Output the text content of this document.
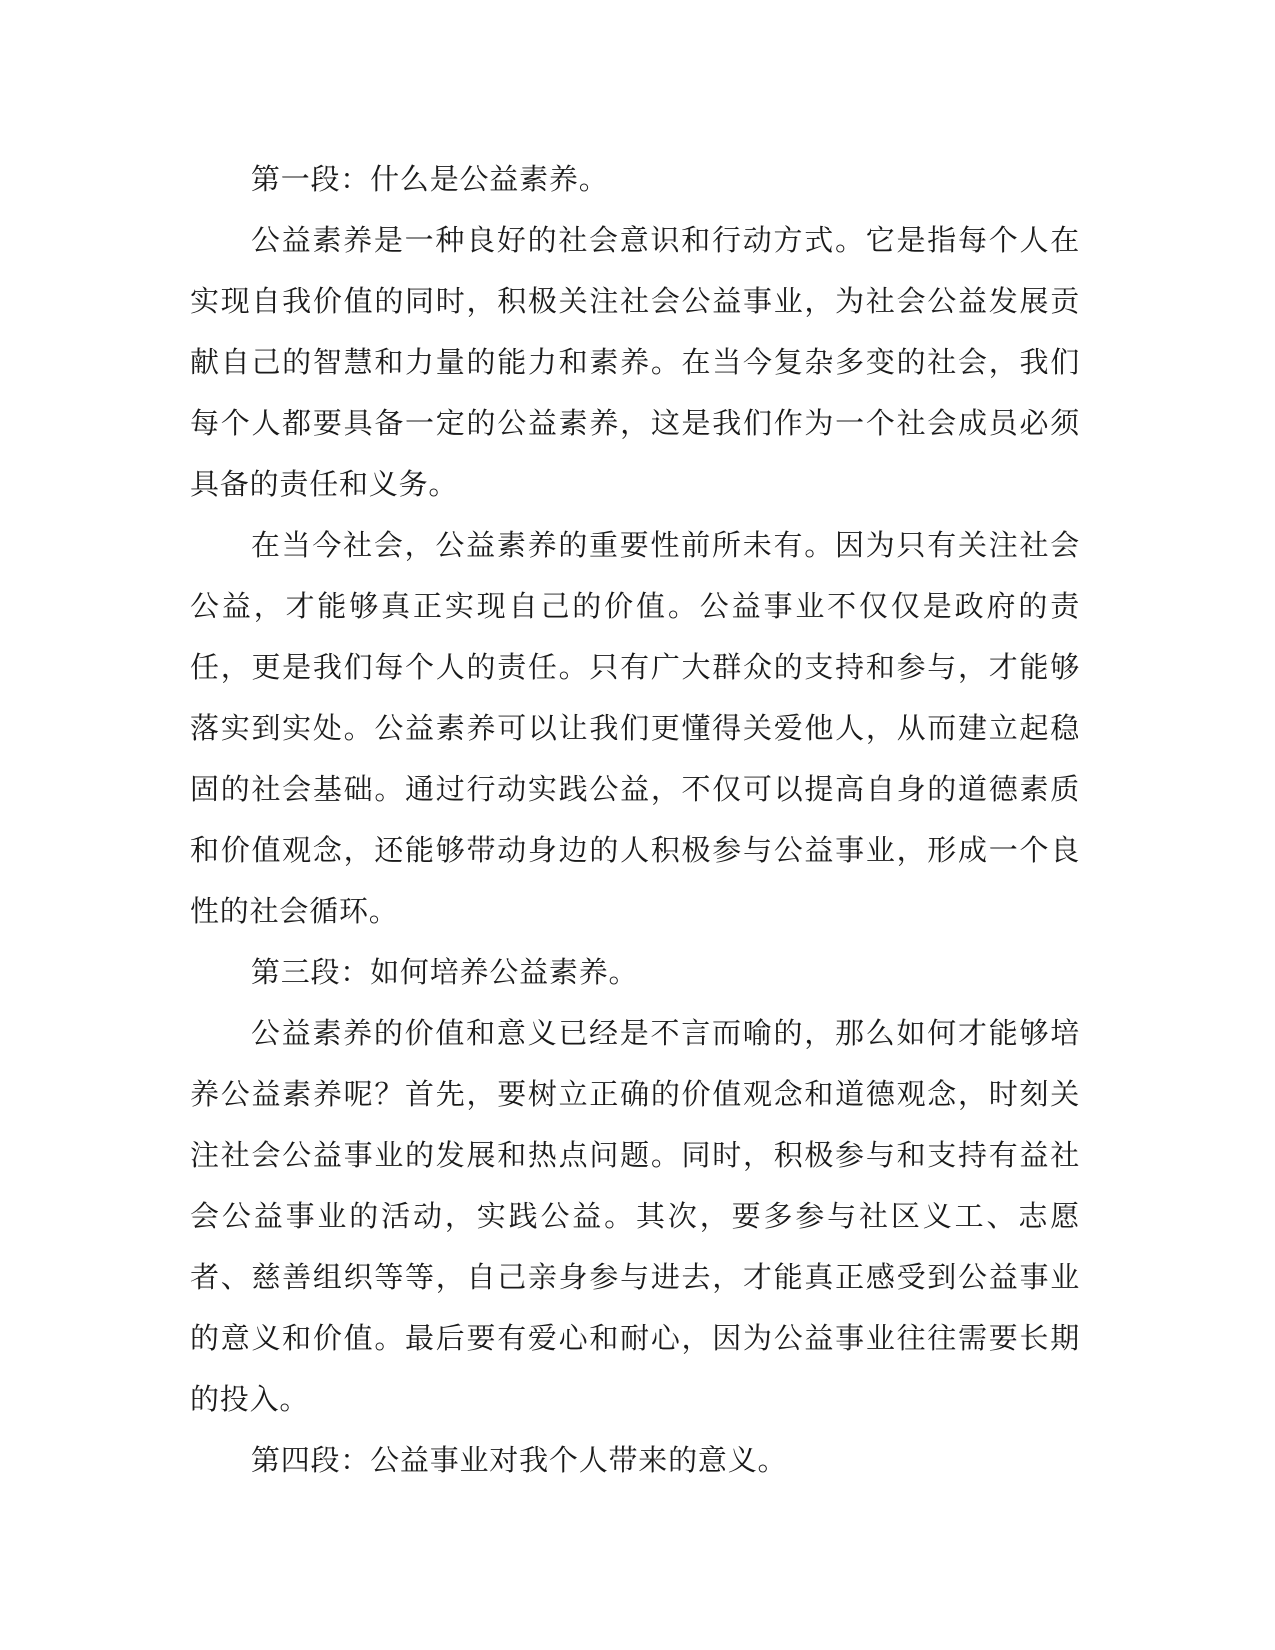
第一段：什么是公益素养。

公益素养是一种良好的社会意识和行动方式。它是指每个人在实现自我价值的同时，积极关注社会公益事业，为社会公益发展贡献自己的智慧和力量的能力和素养。在当今复杂多变的社会，我们每个人都要具备一定的公益素养，这是我们作为一个社会成员必须具备的责任和义务。

在当今社会，公益素养的重要性前所未有。因为只有关注社会公益，才能够真正实现自己的价值。公益事业不仅仅是政府的责任，更是我们每个人的责任。只有广大群众的支持和参与，才能够落实到实处。公益素养可以让我们更懂得关爱他人，从而建立起稳固的社会基础。通过行动实践公益，不仅可以提高自身的道德素质和价值观念，还能够带动身边的人积极参与公益事业，形成一个良性的社会循环。

第三段：如何培养公益素养。

公益素养的价值和意义已经是不言而喻的，那么如何才能够培养公益素养呢？首先，要树立正确的价值观念和道德观念，时刻关注社会公益事业的发展和热点问题。同时，积极参与和支持有益社会公益事业的活动，实践公益。其次，要多参与社区义工、志愿者、慈善组织等等，自己亲身参与进去，才能真正感受到公益事业的意义和价值。最后要有爱心和耐心，因为公益事业往往需要长期的投入。

第四段：公益事业对我个人带来的意义。
